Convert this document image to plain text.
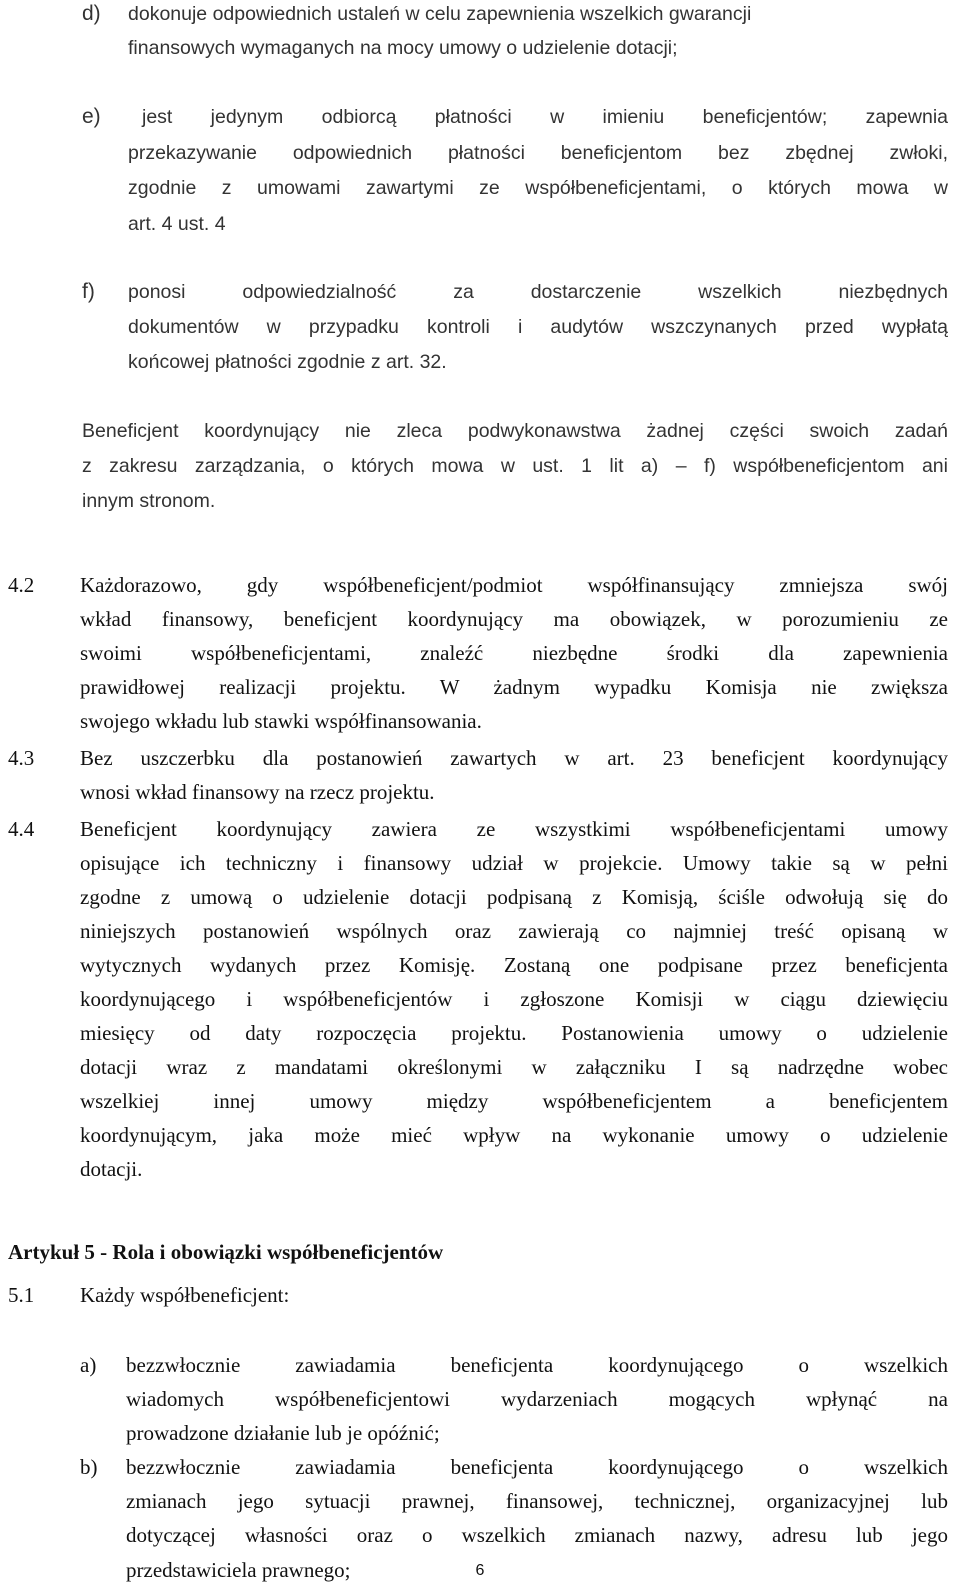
d) dokonuje odpowiednich ustaleń w celu zapewnienia wszelkich gwarancji
finansowych wymaganych na mocy umowy o udzielenie dotacji;
e) jest jedynym odbiorcą płatności w imieniu beneficjentów; zapewnia
przekazywanie odpowiednich płatności beneficjentom bez zbędnej zwłoki,
zgodnie z umowami zawartymi ze współbeneficjentami, o których mowa w
art. 4 ust. 4
f) ponosi odpowiedzialność za dostarczenie wszelkich niezbędnych
dokumentów w przypadku kontroli i audytów wszczynanych przed wypłatą
końcowej płatności zgodnie z art. 32.
Beneficjent koordynujący nie zleca podwykonawstwa żadnej części swoich zadań
z zakresu zarządzania, o których mowa w ust. 1 lit a) – f) współbeneficjentom ani
innym stronom.
4.2 Każdorazowo, gdy współbeneficjent/podmiot współfinansujący zmniejsza swój
wkład finansowy, beneficjent koordynujący ma obowiązek, w porozumieniu ze
swoimi współbeneficjentami, znaleźć niezbędne środki dla zapewnienia
prawidłowej realizacji projektu. W żadnym wypadku Komisja nie zwiększa
swojego wkładu lub stawki współfinansowania.
4.3 Bez uszczerbku dla postanowień zawartych w art. 23 beneficjent koordynujący
wnosi wkład finansowy na rzecz projektu.
4.4 Beneficjent koordynujący zawiera ze wszystkimi współbeneficjentami umowy
opisujące ich techniczny i finansowy udział w projekcie. Umowy takie są w pełni
zgodne z umową o udzielenie dotacji podpisaną z Komisją, ściśle odwołują się do
niniejszych postanowień wspólnych oraz zawierają co najmniej treść opisaną w
wytycznych wydanych przez Komisję. Zostaną one podpisane przez beneficjenta
koordynującego i współbeneficjentów i zgłoszone Komisji w ciągu dziewięciu
miesięcy od daty rozpoczęcia projektu. Postanowienia umowy o udzielenie
dotacji wraz z mandatami określonymi w załączniku I są nadrzędne wobec
wszelkiej innej umowy między współbeneficjentem a beneficjentem
koordynującym, jaka może mieć wpływ na wykonanie umowy o udzielenie
dotacji.
Artykuł 5 - Rola i obowiązki współbeneficjentów
5.1 Każdy współbeneficjent:
a) bezzwłocznie zawiadamia beneficjenta koordynującego o wszelkich
wiadomych współbeneficjentowi wydarzeniach mogących wpłynąć na
prowadzone działanie lub je opóźnić;
b) bezzwłocznie zawiadamia beneficjenta koordynującego o wszelkich
zmianach jego sytuacji prawnej, finansowej, technicznej, organizacyjnej lub
dotyczącej własności oraz o wszelkich zmianach nazwy, adresu lub jego
przedstawiciela prawnego;	6
